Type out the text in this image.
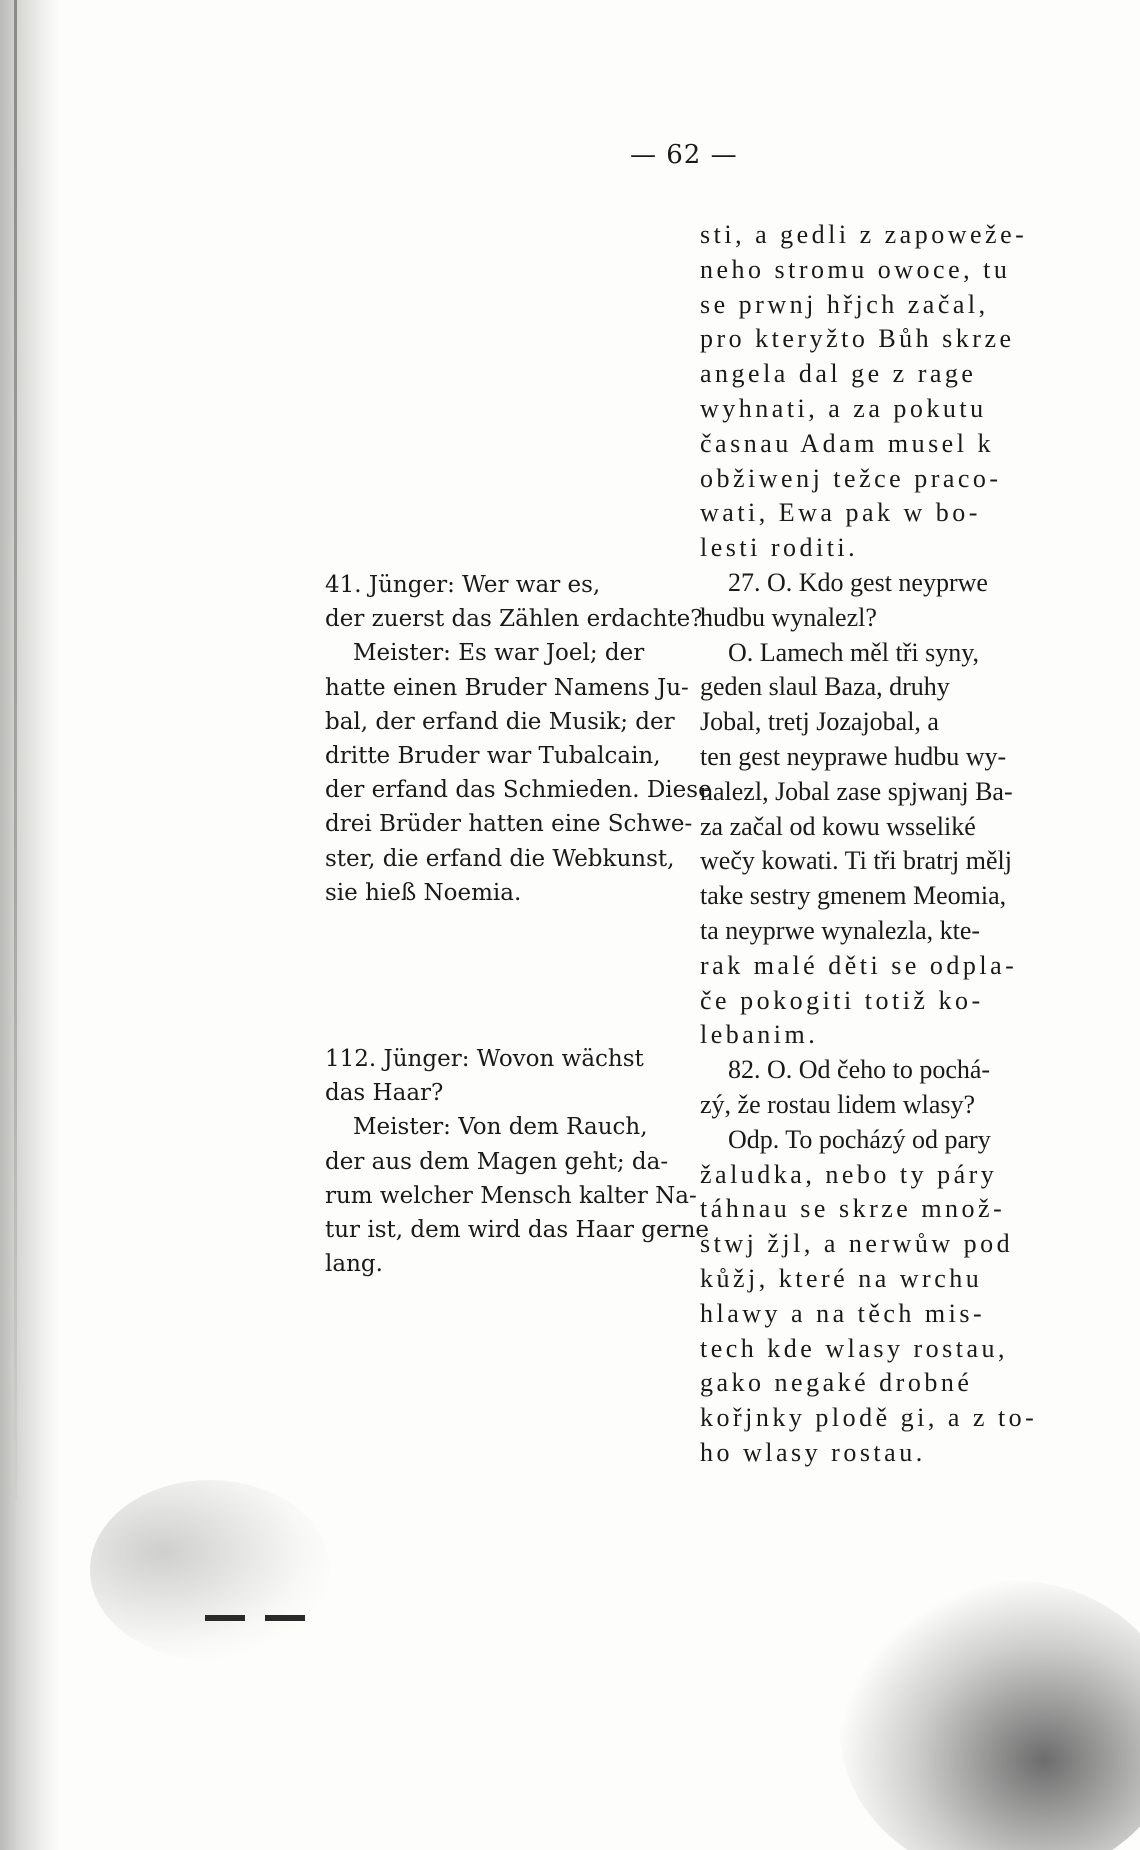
— 62 —
41. Jünger: Wer war es,
der zuerst das Zählen erdachte?
Meister: Es war Joel; der
hatte einen Bruder Namens Ju-
bal, der erfand die Musik; der
dritte Bruder war Tubalcain,
der erfand das Schmieden. Diese
drei Brüder hatten eine Schwe-
ster, die erfand die Webkunst,
sie hieß Noemia.
112. Jünger: Wovon wächst
das Haar?
Meister: Von dem Rauch,
der aus dem Magen geht; da-
rum welcher Mensch kalter Na-
tur ist, dem wird das Haar gerne
lang.
sti, a gedli z zapoweže-
neho stromu owoce, tu
se prwnj hřjch začal,
pro kteryžto Bůh skrze
angela dal ge z rage
wyhnati, a za pokutu
časnau Adam musel k
obžiwenj težce praco-
wati, Ewa pak w bo-
lesti roditi.
27. O. Kdo gest neyprwe
hudbu wynalezl?
O. Lamech měl tři syny,
geden slaul Baza, druhy
Jobal, tretj Jozajobal, a
ten gest neyprawe hudbu wy-
nalezl, Jobal zase spjwanj Ba-
za začal od kowu wsseliké
wečy kowati. Ti tři bratrj mělj
take sestry gmenem Meomia,
ta neyprwe wynalezla, kte-
rak malé děti se odpla-
če pokogiti totiž ko-
lebanim.
82. O. Od čeho to pochá-
zý, že rostau lidem wlasy?
Odp. To pocházý od pary
žaludka, nebo ty páry
táhnau se skrze množ-
stwj žjl, a nerwůw pod
kůžj, které na wrchu
hlawy a na těch mis-
tech kde wlasy rostau,
gako negaké drobné
kořjnky plodě gi, a z to-
ho wlasy rostau.
